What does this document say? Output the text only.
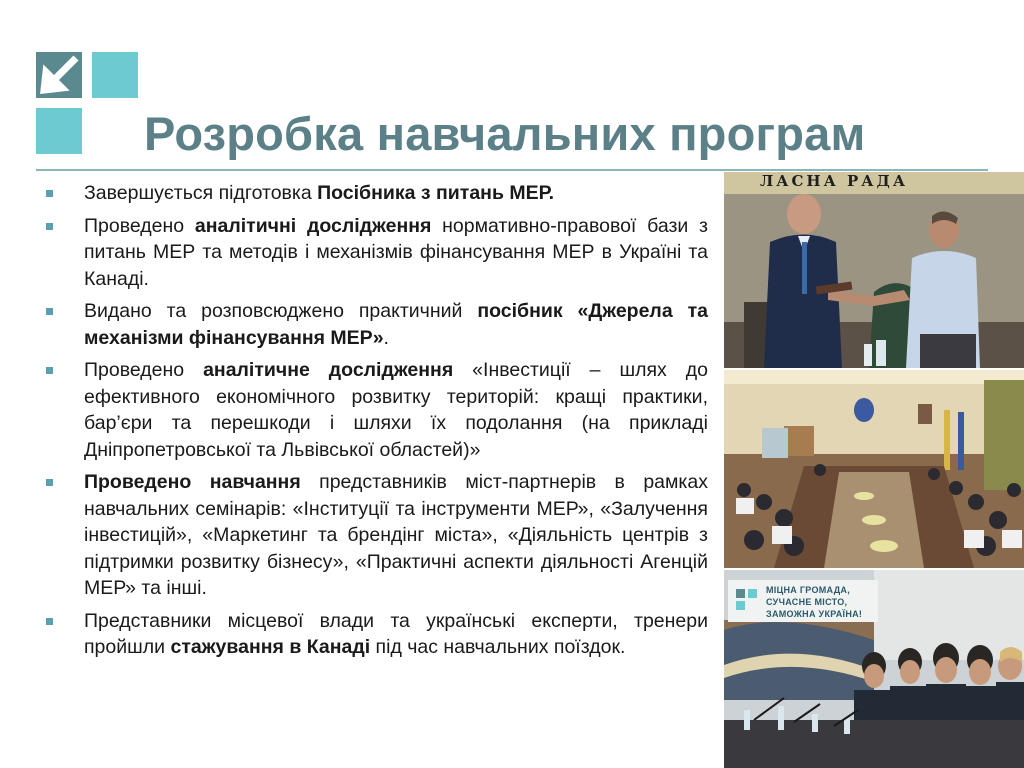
Розробка навчальних програм
Завершується підготовка Посібника з питань МЕР.
Проведено аналітичні дослідження нормативно-правової бази з питань МЕР та методів і механізмів фінансування МЕР в Україні та Канаді.
Видано та розповсюджено практичний посібник «Джерела та механізми фінансування МЕР».
Проведено аналітичне дослідження «Інвестиції – шлях до ефективного економічного розвитку територій: кращі практики, бар’єри та перешкоди і шляхи їх подолання (на прикладі Дніпропетровської та Львівської областей)»
Проведено навчання представників міст-партнерів в рамках навчальних семінарів: «Інституції та інструменти МЕР», «Залучення інвестицій», «Маркетинг та брендінг міста», «Діяльність центрів з підтримки розвитку бізнесу», «Практичні аспекти діяльності Агенцій МЕР» та інші.
Представники місцевої влади та українські експерти, тренери пройшли стажування в Канаді під час навчальних поїздок.
ЛАСНА РАДА
МІЦНА ГРОМАДА, СУЧАСНЕ МІСТО, ЗАМОЖНА УКРАЇНА!
